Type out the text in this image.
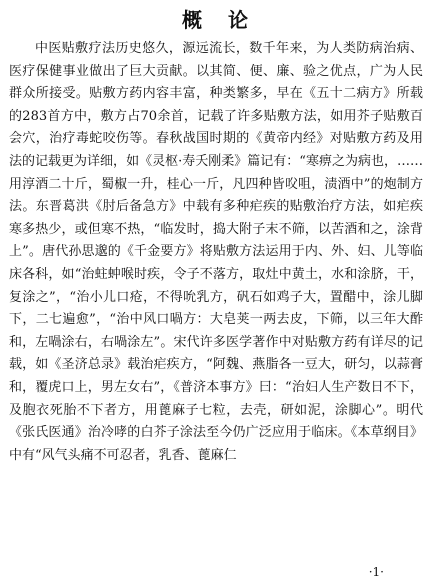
概论

中医贴敷疗法历史悠久，源远流长，数千年来，为人类防病治病、医疗保健事业做出了巨大贡献。以其简、便、廉、验之优点，广为人民群众所接受。贴敷方药内容丰富，种类繁多，早在《五十二病方》所载的283首方中，敷方占70余首，记载了许多贴敷方法，如用芥子贴敷百会穴，治疗毒蛇咬伤等。春秋战国时期的《黄帝内经》对贴敷方药及用法的记载更为详细，如《灵枢·寿夭刚柔》篇记有：“寒痹之为病也，……用淳酒二十斤，蜀椒一升，桂心一斤，凡四种皆㕮咀，渍酒中”的炮制方法。东晋葛洪《肘后备急方》中载有多种疟疾的贴敷治疗方法，如疟疾寒多热少，或但寒不热，“临发时，捣大附子末不筛，以苦酒和之，涂背上”。唐代孙思邈的《千金要方》将贴敷方法运用于内、外、妇、儿等临床各科，如“治蛀蚛喉时疾，令子不落方，取灶中黄土，水和涂脐，干，复涂之”，“治小儿口疮，不得吮乳方，矾石如鸡子大，置醋中，涂儿脚下，二七遍愈”，“治中风口喎方：大皂荚一两去皮，下筛，以三年大酢和，左喎涂右，右喎涂左”。宋代许多医学著作中对贴敷方药有详尽的记载，如《圣济总录》载治疟疾方，“阿魏、燕脂各一豆大，研匀，以蒜膏和，覆虎口上，男左女右”，《普济本事方》曰：“治妇人生产数日不下，及胞衣死胎不下者方，用蓖麻子七粒，去壳，研如泥，涂脚心”。明代《张氏医通》治冷哮的白芥子涂法至今仍广泛应用于临床。《本草纲目》中有“风气头痛不可忍者，乳香、蓖麻仁

·1·
